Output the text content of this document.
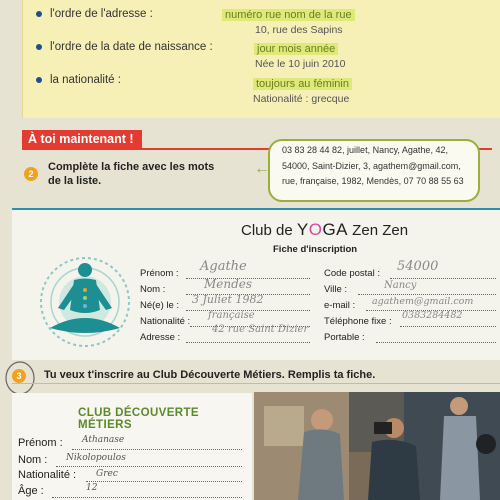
l'ordre de l'adresse :	numéro rue nom de la rue
10, rue des Sapins
l'ordre de la date de naissance :	jour mois année
Née le 10 juin 2010
la nationalité :	toujours au féminin
Nationalité : grecque
À toi maintenant !
2
Complète la fiche avec les mots
de la liste.
←
03 83 28 44 82, juillet, Nancy, Agathe, 42,
54000, Saint-Dizier, 3, agathem@gmail.com,
rue, française, 1982, Mendès, 07 70 88 55 63
Club de YOGA Zen Zen
Fiche d'inscription
Prénom : Agathe
Nom :	Mendes
Né(e) le : 3 Juliet 1982
Nationalité :
française
Adresse :
42 rue Saint Dizier
Code postal : 54000
Ville :	Nancy
e-mail : agathem@gmail.com
Téléphone fixe :
0383284482
Portable :
3	Tu veux t'inscrire au Club Découverte Métiers. Remplis ta fiche.
CLUB DÉCOUVERTE MÉTIERS
Prénom : Athanase
Nom : Nikolopoulos
Nationalité : Grec
Âge :	12
